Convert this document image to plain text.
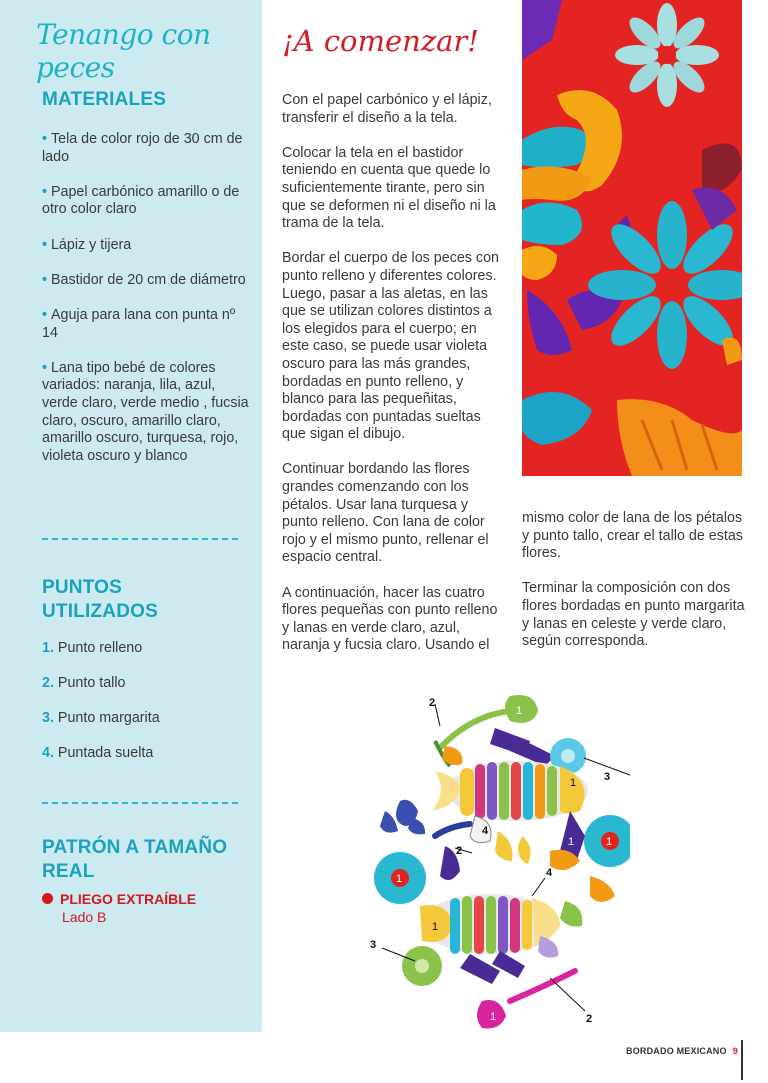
Tenango con peces
MATERIALES
• Tela de color rojo de 30 cm de lado
• Papel carbónico amarillo o de otro color claro
• Lápiz y tijera
• Bastidor de 20 cm de diámetro
• Aguja para lana con punta nº 14
• Lana tipo bebé de colores variados: naranja, lila, azul, verde claro, verde medio , fucsia claro, oscuro, amarillo claro, amarillo oscuro, turquesa, rojo, violeta oscuro y blanco
PUNTOS UTILIZADOS
1. Punto relleno
2. Punto tallo
3. Punto margarita
4. Puntada suelta
PATRÓN A TAMAÑO REAL
PLIEGO EXTRAÍBLE
Lado B
¡A comenzar!

Con el papel carbónico y el lápiz, transferir el diseño a la tela.

Colocar la tela en el bastidor teniendo en cuenta que quede lo suficientemente tirante, pero sin que se deformen ni el diseño ni la trama de la tela.

Bordar el cuerpo de los peces con punto relleno y diferentes colores. Luego, pasar a las aletas, en las que se utilizan colores distintos a los elegidos para el cuerpo; en este caso, se puede usar violeta oscuro para las más grandes, bordadas en punto relleno, y blanco para las pequeñitas, bordadas con puntadas sueltas que sigan el dibujo.

Continuar bordando las flores grandes comenzando con los pétalos. Usar lana turquesa y punto relleno. Con lana de color rojo y el mismo punto, rellenar el espacio central.

A continuación, hacer las cuatro flores pequeñas con punto relleno y lanas en verde claro, azul, naranja y fucsia claro. Usando el

mismo color de lana de los pétalos y punto tallo, crear el tallo de estas flores.

Terminar la composición con dos flores bordadas en punto margarita y lanas en celeste y verde claro, según corresponda.

2
1
3
4
2
4
3
2
1
1
1
1
1
1
BORDADO MEXICANO 9
